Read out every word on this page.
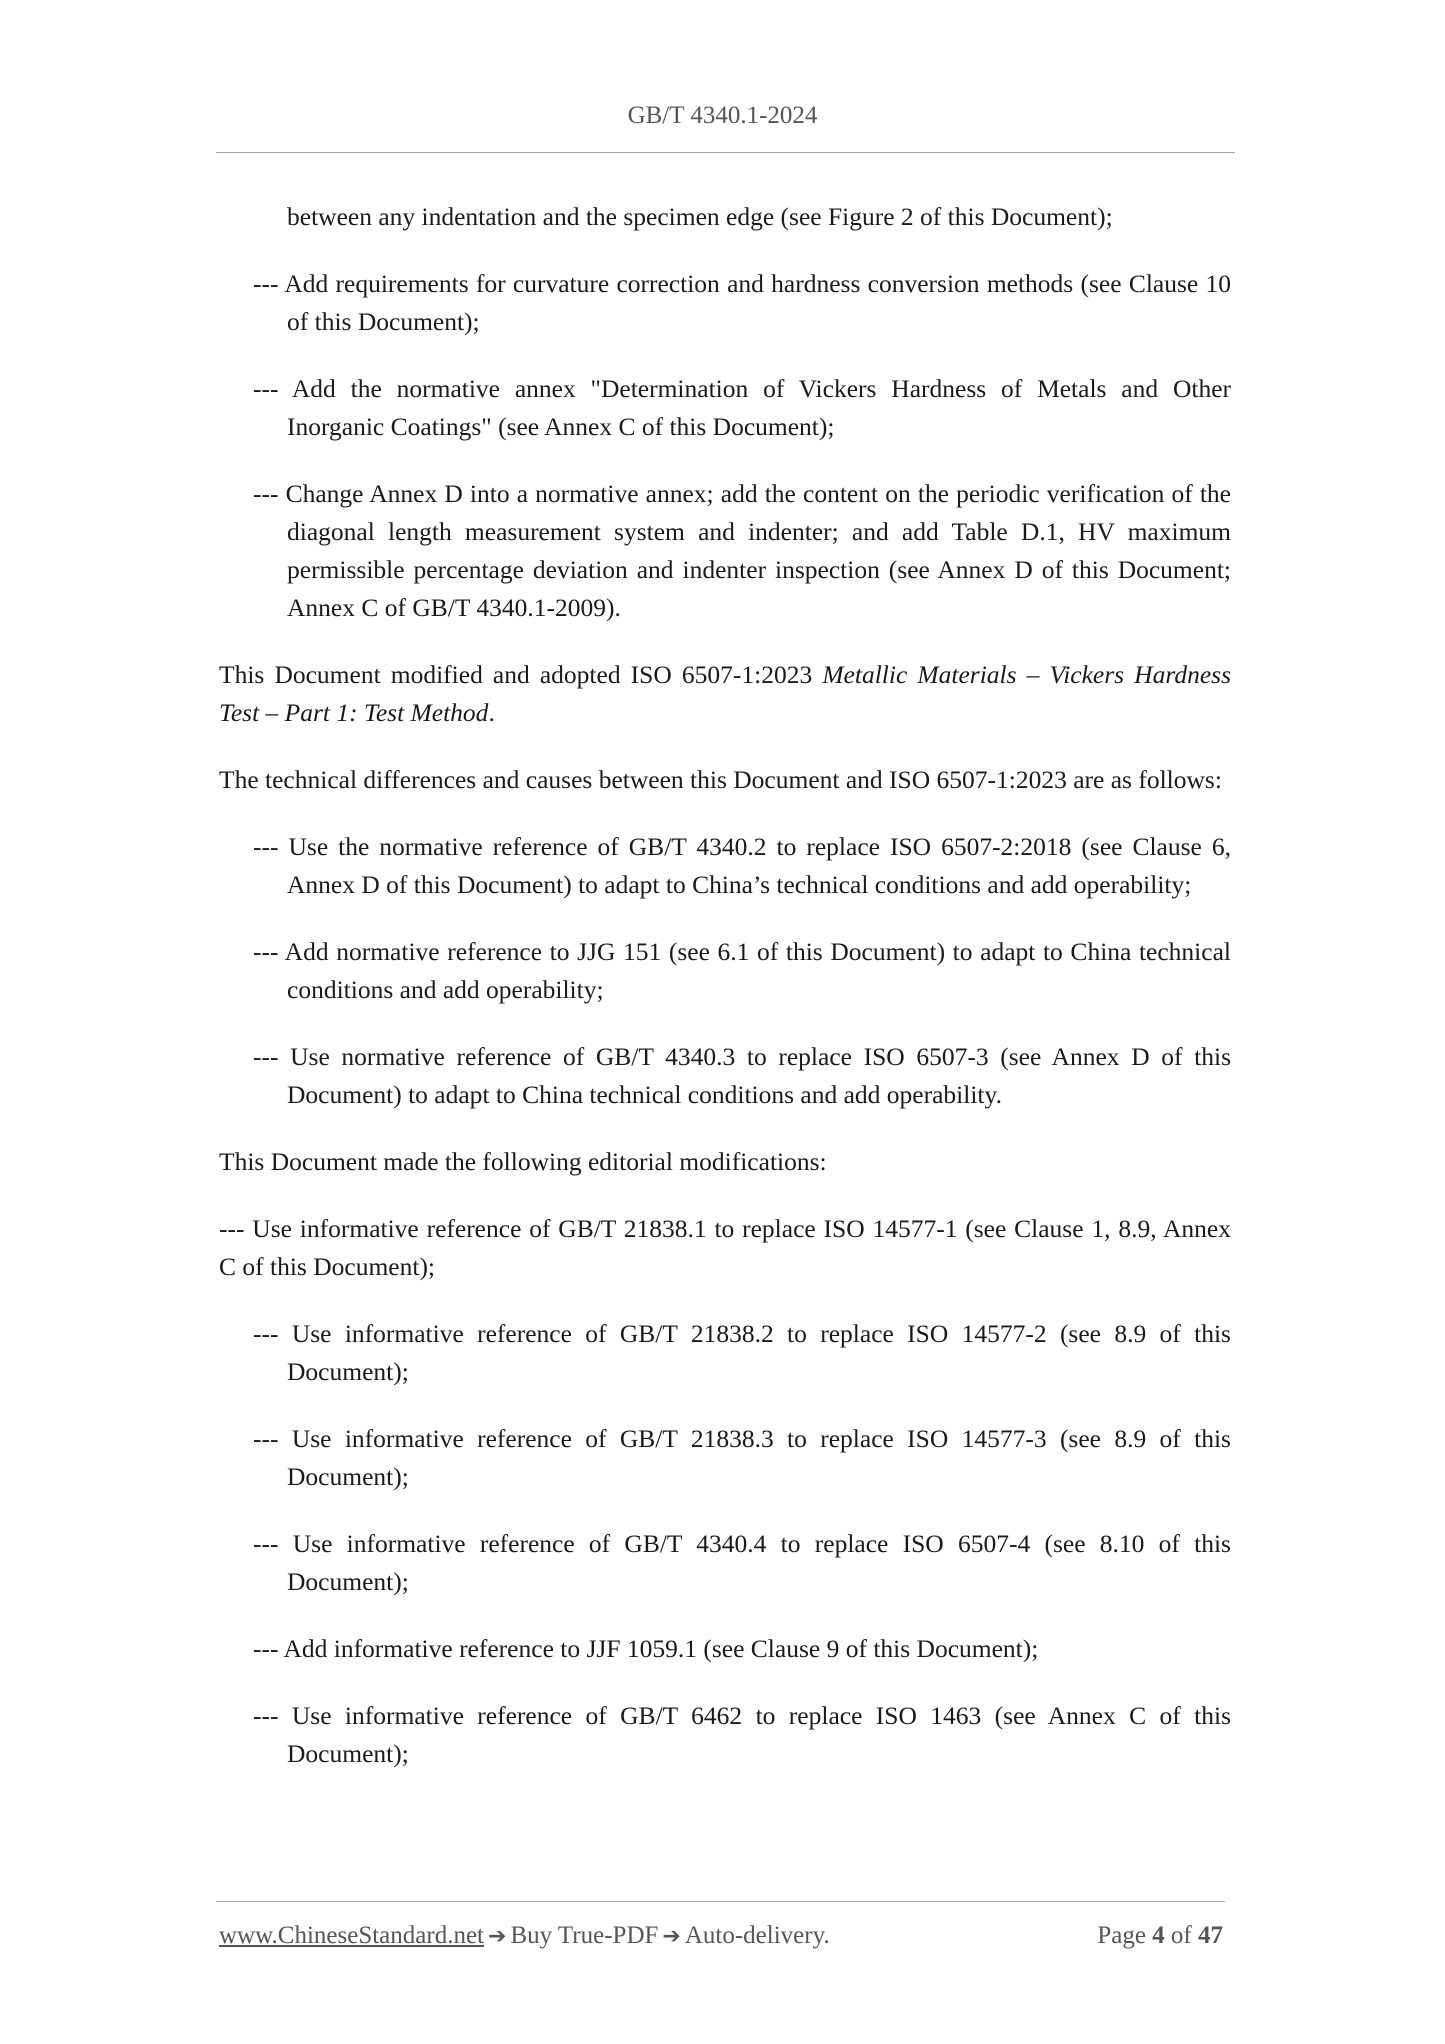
GB/T 4340.1-2024

between any indentation and the specimen edge (see Figure 2 of this Document);

--- Add requirements for curvature correction and hardness conversion methods (see Clause 10 of this Document);

--- Add the normative annex "Determination of Vickers Hardness of Metals and Other Inorganic Coatings" (see Annex C of this Document);

--- Change Annex D into a normative annex; add the content on the periodic verification of the diagonal length measurement system and indenter; and add Table D.1, HV maximum permissible percentage deviation and indenter inspection (see Annex D of this Document; Annex C of GB/T 4340.1-2009).

This Document modified and adopted ISO 6507-1:2023 Metallic Materials – Vickers Hardness Test – Part 1: Test Method.

The technical differences and causes between this Document and ISO 6507-1:2023 are as follows:

--- Use the normative reference of GB/T 4340.2 to replace ISO 6507-2:2018 (see Clause 6, Annex D of this Document) to adapt to China’s technical conditions and add operability;

--- Add normative reference to JJG 151 (see 6.1 of this Document) to adapt to China technical conditions and add operability;

--- Use normative reference of GB/T 4340.3 to replace ISO 6507-3 (see Annex D of this Document) to adapt to China technical conditions and add operability.

This Document made the following editorial modifications:

--- Use informative reference of GB/T 21838.1 to replace ISO 14577-1 (see Clause 1, 8.9, Annex C of this Document);

--- Use informative reference of GB/T 21838.2 to replace ISO 14577-2 (see 8.9 of this Document);

--- Use informative reference of GB/T 21838.3 to replace ISO 14577-3 (see 8.9 of this Document);

--- Use informative reference of GB/T 4340.4 to replace ISO 6507-4 (see 8.10 of this Document);

--- Add informative reference to JJF 1059.1 (see Clause 9 of this Document);

--- Use informative reference of GB/T 6462 to replace ISO 1463 (see Annex C of this Document);

www.ChineseStandard.net ➔ Buy True-PDF ➔ Auto-delivery.	Page 4 of 47
